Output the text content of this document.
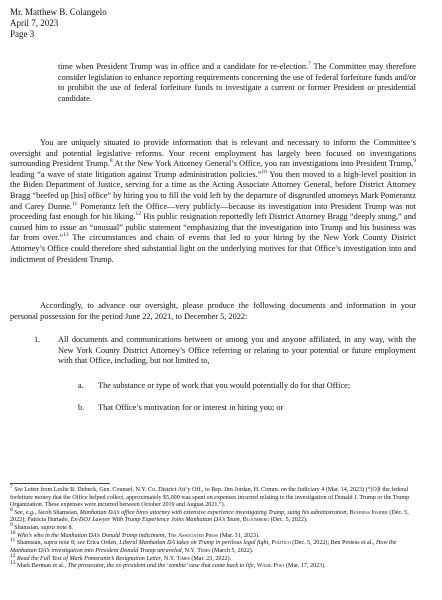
Mr. Matthew B. Colangelo
April 7, 2023
Page 3
time when President Trump was in office and a candidate for re-election.$^7$ The Committee may therefore consider legislation to enhance reporting requirements concerning the use of federal forfeiture funds and/or to prohibit the use of federal forfeiture funds to investigate a current or former President or presidential candidate.
You are uniquely situated to provide information that is relevant and necessary to inform the Committee’s oversight and potential legislative reforms. Your recent employment has largely been focused on investigations surrounding President Trump.$^8$ At the New York Attorney General’s Office, you ran investigations into President Trump,$^9$ leading “a wave of state litigation against Trump administration policies.”$^{10}$ You then moved to a high-level position in the Biden Department of Justice, serving for a time as the Acting Associate Attorney General, before District Attorney Bragg “beefed up [his] office” by hiring you to fill the void left by the departure of disgruntled attorneys Mark Pomerantz and Carey Dunne.$^{11}$ Pomerantz left the Office—very publicly—because its investigation into President Trump was not proceeding fast enough for his liking.$^{12}$ His public resignation reportedly left District Attorney Bragg “deeply stung,” and caused him to issue an “unusual” public statement “emphasizing that the investigation into Trump and his business was far from over.”$^{13}$ The circumstances and chain of events that led to your hiring by the New York County District Attorney’s Office could therefore shed substantial light on the underlying motives for that Office’s investigation into and indictment of President Trump.
Accordingly, to advance our oversight, please produce the following documents and information in your personal possession for the period June 22, 2021, to December 5, 2022:
1. All documents and communications between or among you and anyone affiliated, in any way, with the New York County District Attorney’s Office referring or relating to your potential or future employment with that Office, including, but not limited to,
a. The substance or type of work that you would potentially do for that Office;
b. That Office’s motivation for or interest in hiring you; or

$^7$ See Letter from Leslie B. Dubeck, Gen. Counsel, N.Y. Co. District Att’y Off., to Rep. Jim Jordan, H. Comm. on the Judiciary 4 (Mar. 14, 2023) (“[O]f the federal forfeiture money that the Office helped collect, approximately $5,000 was spent on expenses incurred relating to the investigation of Donald J. Trump or the Trump Organization. These expenses were incurred between October 2019 and August 2021.”).

$^8$ See, e.g., Jacob Shamsian, Manhattan DA’s office hires attorney with extensive experience investigating Trump, suing his administration, Business Insider (Dec. 5, 2022); Patricia Hurtado, Ex-DOJ Lawyer With Trump Experience Joins Manhattan DA’s Team, Bloomberg (Dec. 5, 2022).

$^9$ Shamsian, supra note 8.

$^{10}$ Who’s who in the Manhattan DA’s Donald Trump indictment, The Associated Press (Mar. 31, 2023).

$^{11}$ Shamsian, supra note 8; see Erica Orden, Liberal Manhattan DA takes on Trump in perilous legal fight, Politico (Dec. 5, 2022); Ben Protess et al., How the Manhattan DA’s investigation into President Donald Trump unraveled, N.Y. Times (March 5, 2022).

$^{12}$ Read the Full Text of Mark Pomerantz’s Resignation Letter, N.Y. Times (Mar. 23, 2022).

$^{13}$ Mark Berman et al., The prosecutor, the ex-president and the ‘zombie’ case that came back to life, Wash. Post (Mar. 17, 2023).
